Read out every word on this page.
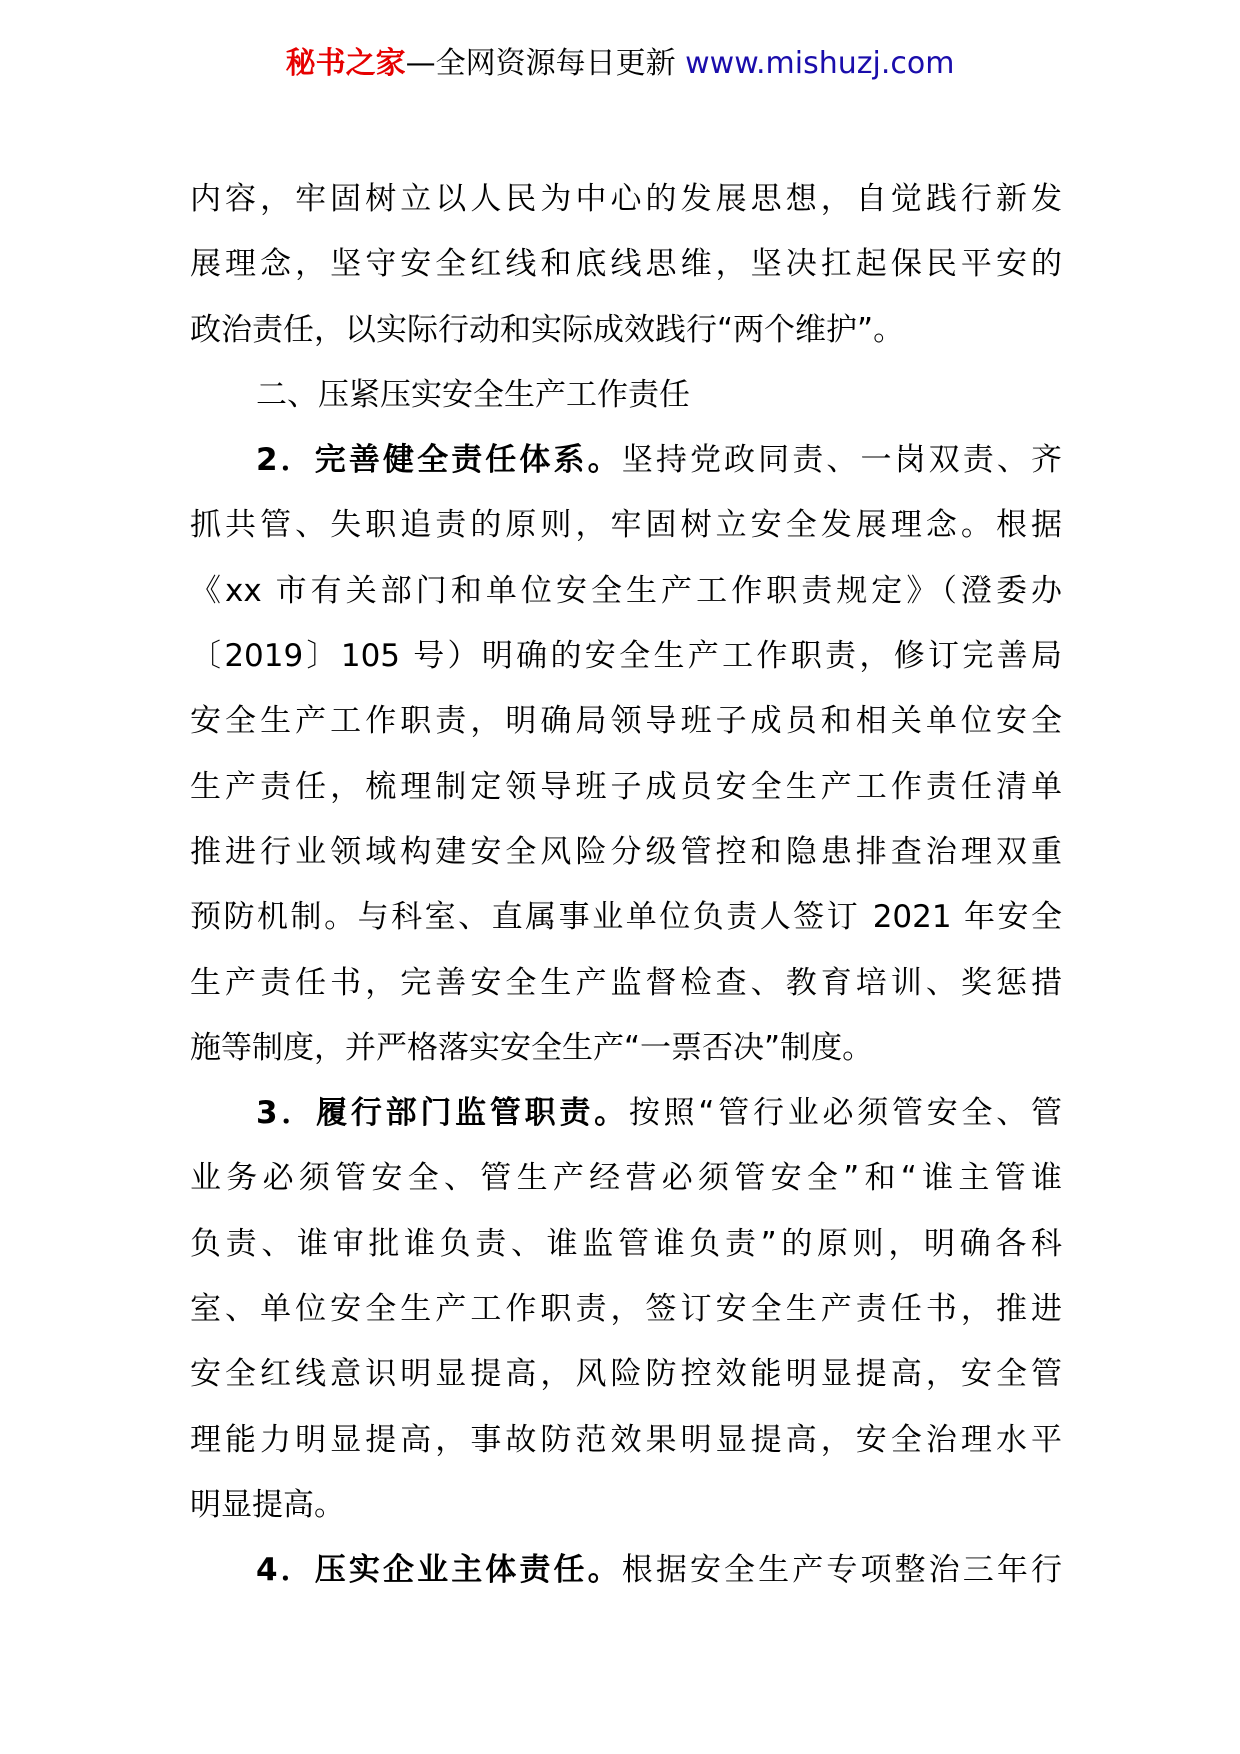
秘书之家—全网资源每日更新 www.mishuzj.com
内容，牢固树立以人民为中心的发展思想，自觉践行新发
展理念，坚守安全红线和底线思维，坚决扛起保民平安的
政治责任，以实际行动和实际成效践行“两个维护”。
二、压紧压实安全生产工作责任
2．完善健全责任体系。坚持党政同责、一岗双责、齐
抓共管、失职追责的原则，牢固树立安全发展理念。根据
《xx 市有关部门和单位安全生产工作职责规定》（澄委办
〔2019〕105 号）明确的安全生产工作职责，修订完善局
安全生产工作职责，明确局领导班子成员和相关单位安全
生产责任，梳理制定领导班子成员安全生产工作责任清单
推进行业领域构建安全风险分级管控和隐患排查治理双重
预防机制。与科室、直属事业单位负责人签订 2021 年安全
生产责任书，完善安全生产监督检查、教育培训、奖惩措
施等制度，并严格落实安全生产“一票否决”制度。
3．履行部门监管职责。按照“管行业必须管安全、管
业务必须管安全、管生产经营必须管安全”和“谁主管谁
负责、谁审批谁负责、谁监管谁负责”的原则，明确各科
室、单位安全生产工作职责，签订安全生产责任书，推进
安全红线意识明显提高，风险防控效能明显提高，安全管
理能力明显提高，事故防范效果明显提高，安全治理水平
明显提高。
4．压实企业主体责任。根据安全生产专项整治三年行
